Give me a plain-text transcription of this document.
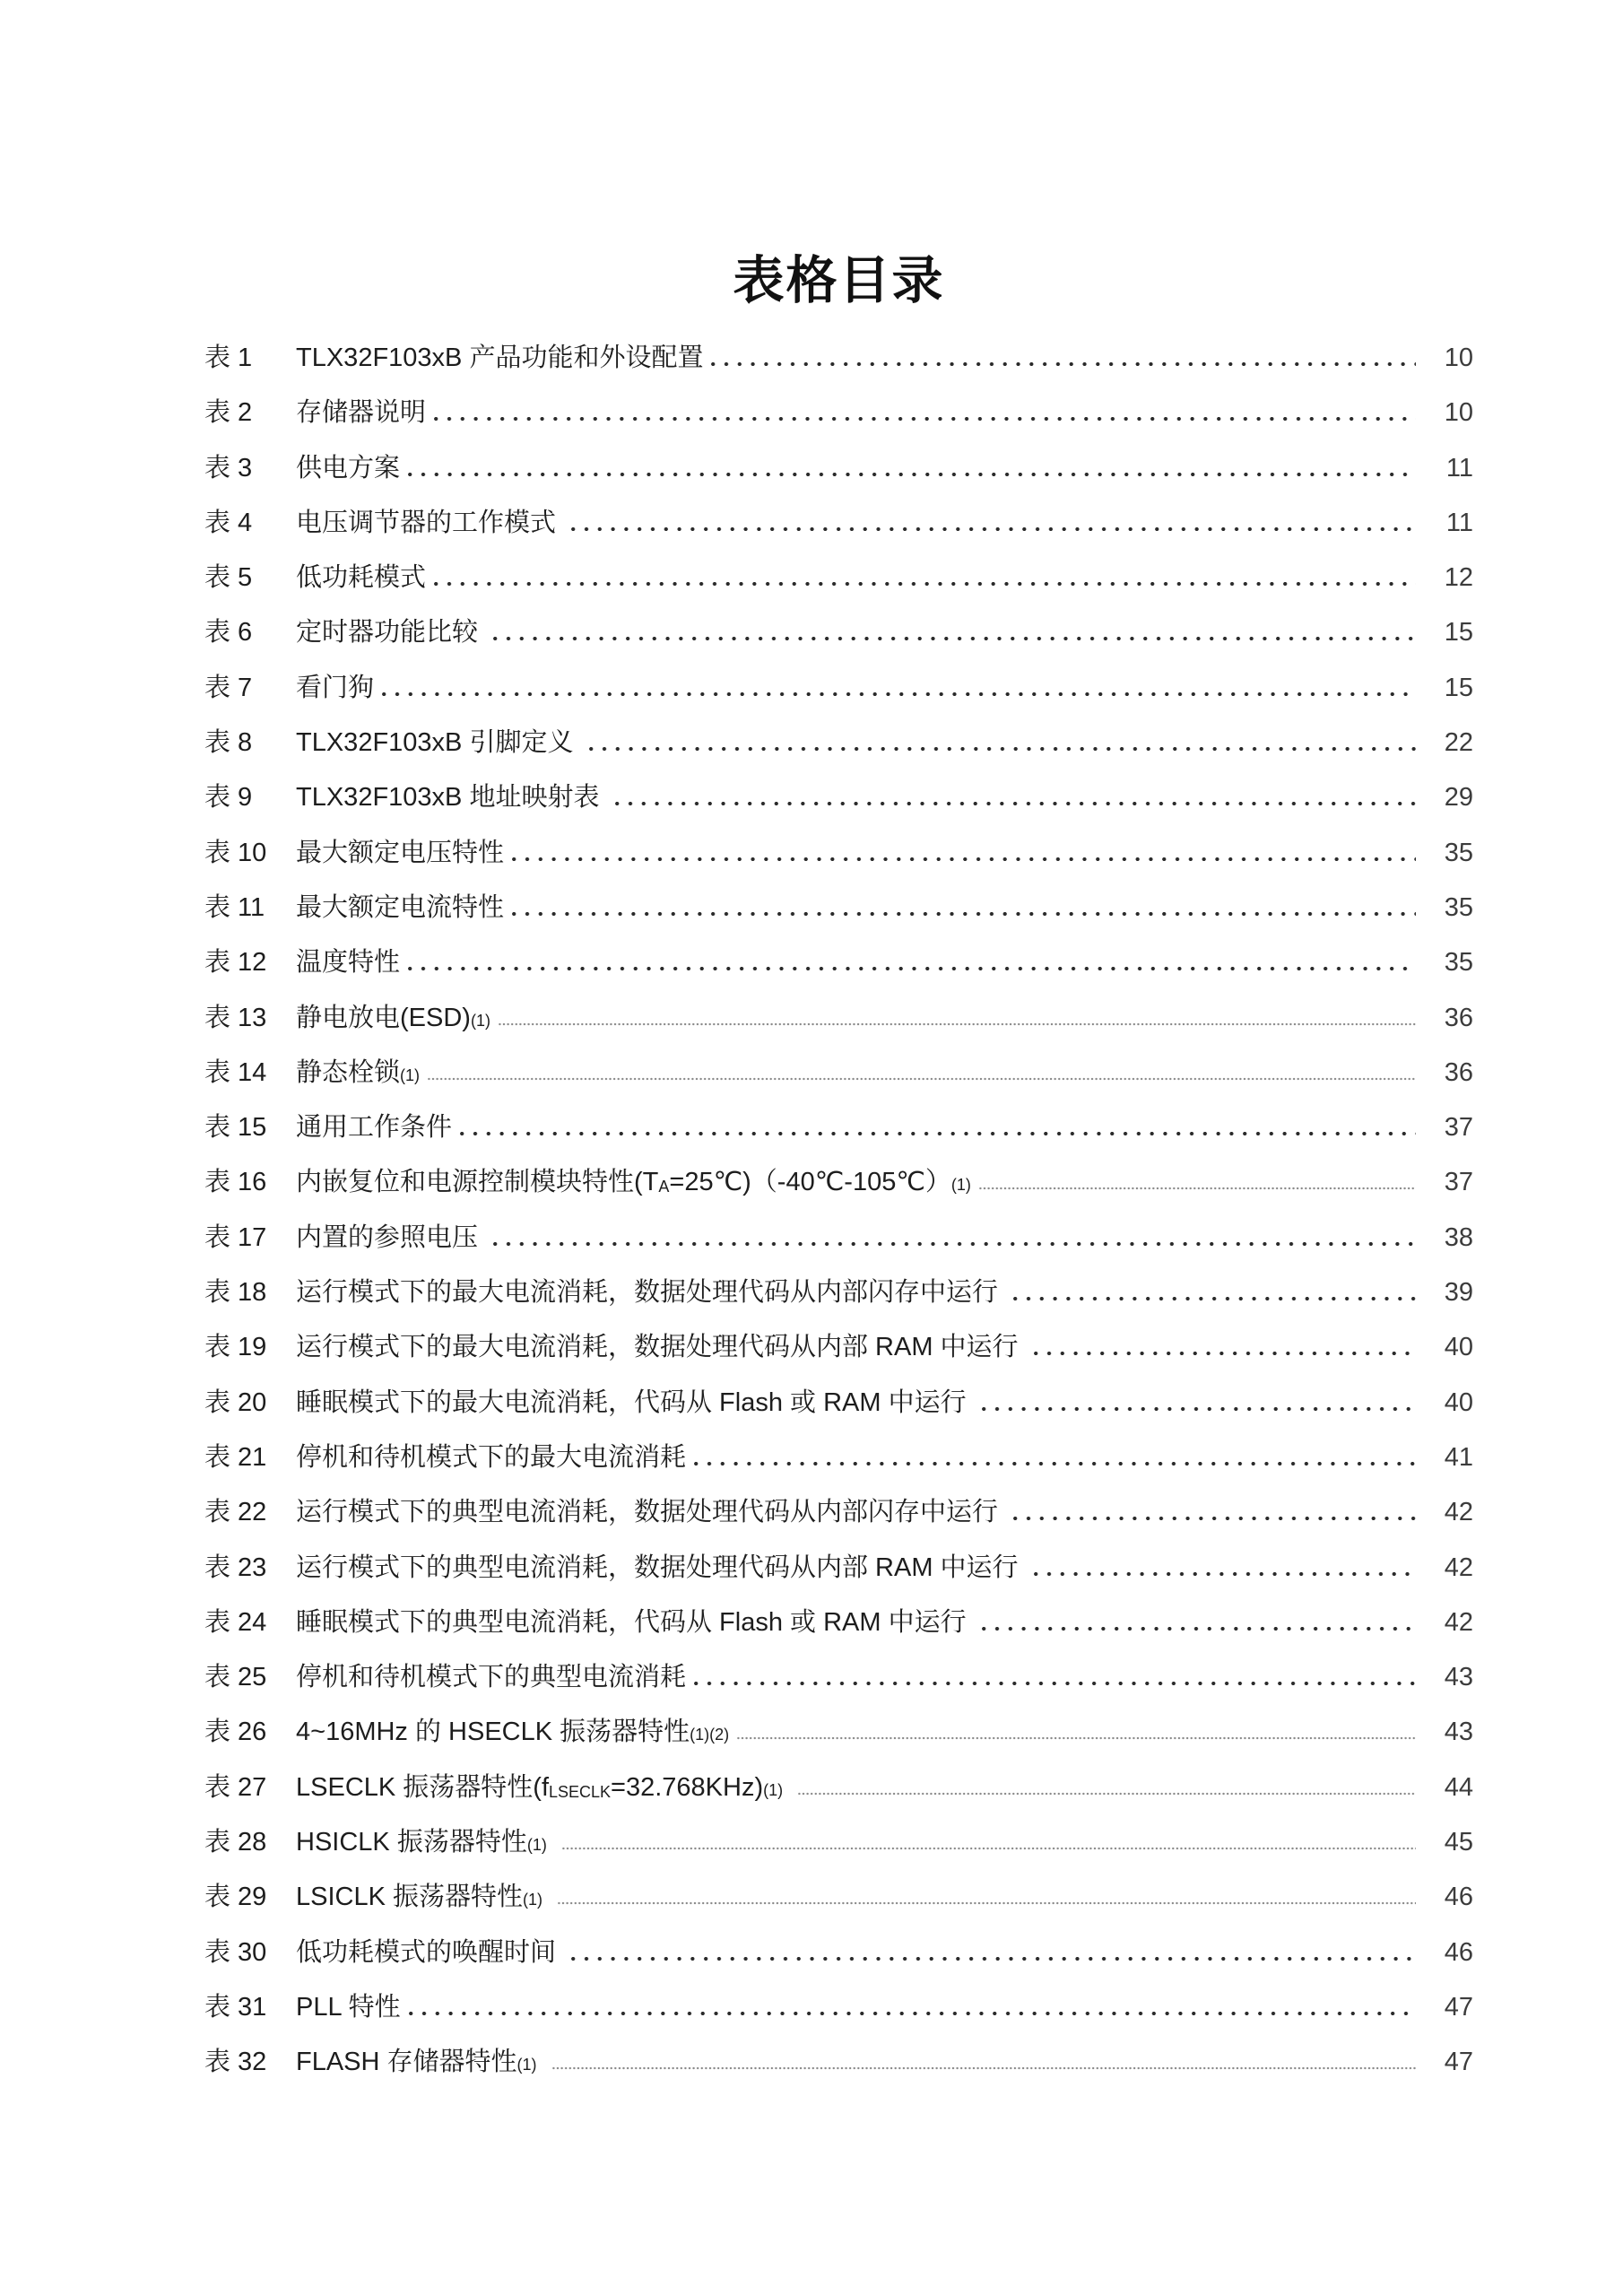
表格目录
表 1	TLX32F103xB 产品功能和外设配置	10
表 2	存储器说明	10
表 3	供电方案	11
表 4	电压调节器的工作模式	11
表 5	低功耗模式	12
表 6	定时器功能比较	15
表 7	看门狗	15
表 8	TLX32F103xB 引脚定义	22
表 9	TLX32F103xB 地址映射表	29
表 10	最大额定电压特性	35
表 11	最大额定电流特性	35
表 12	温度特性	35
表 13	静电放电(ESD)(1)	36
表 14	静态栓锁(1)	36
表 15	通用工作条件	37
表 16	内嵌复位和电源控制模块特性(TA=25℃)（-40℃-105℃）(1)	37
表 17	内置的参照电压	38
表 18	运行模式下的最大电流消耗，数据处理代码从内部闪存中运行	39
表 19	运行模式下的最大电流消耗，数据处理代码从内部 RAM 中运行	40
表 20	睡眠模式下的最大电流消耗，代码从 Flash 或 RAM 中运行	40
表 21	停机和待机模式下的最大电流消耗	41
表 22	运行模式下的典型电流消耗，数据处理代码从内部闪存中运行	42
表 23	运行模式下的典型电流消耗，数据处理代码从内部 RAM 中运行	42
表 24	睡眠模式下的典型电流消耗，代码从 Flash 或 RAM 中运行	42
表 25	停机和待机模式下的典型电流消耗	43
表 26	4~16MHz 的 HSECLK 振荡器特性(1)(2)	43
表 27	LSECLK 振荡器特性(fLSECLK=32.768KHz)(1)	44
表 28	HSICLK 振荡器特性(1)	45
表 29	LSICLK 振荡器特性(1)	46
表 30	低功耗模式的唤醒时间	46
表 31	PLL 特性	47
表 32	FLASH 存储器特性(1)	47
